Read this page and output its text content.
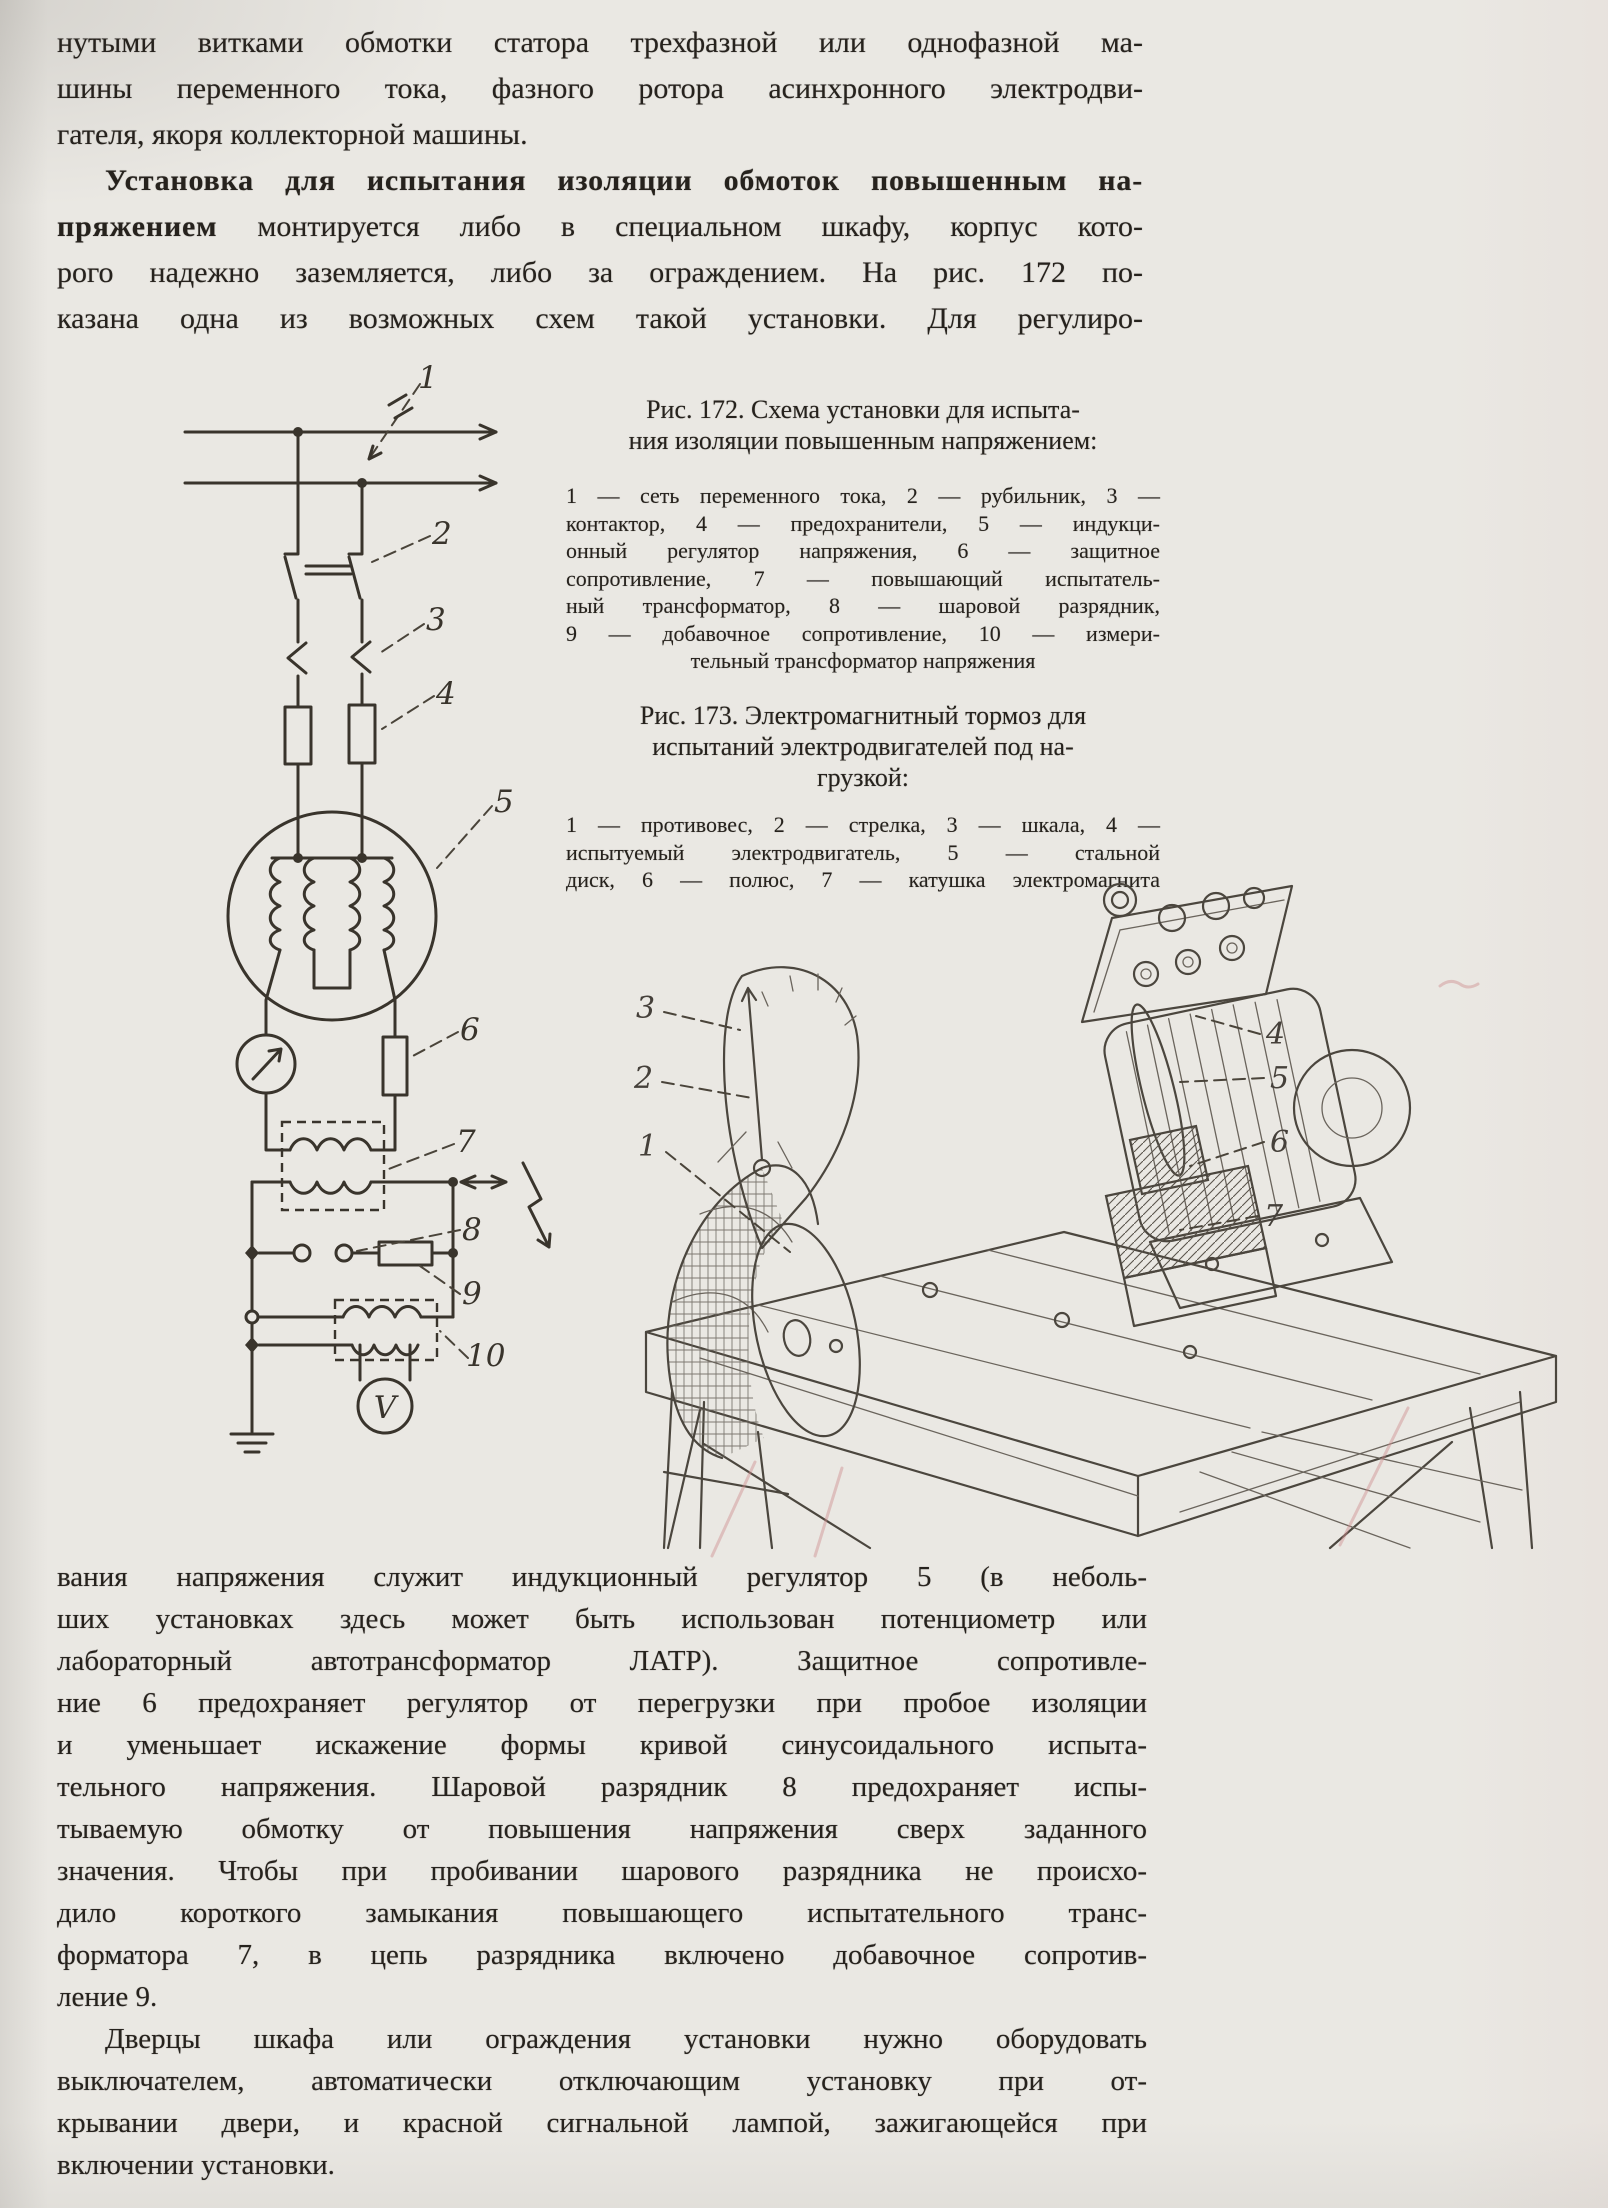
нутыми витками обмотки статора трехфазной или однофазной ма-
шины переменного тока, фазного ротора асинхронного электродви-
гателя, якоря коллекторной машины.
Установка для испытания изоляции обмоток повышенным на-
пряжением монтируется либо в специальном шкафу, корпус кото-
рого надежно заземляется, либо за ограждением. На рис. 172 по-
казана одна из возможных схем такой установки. Для регулиро-
Рис. 172. Схема установки для испыта-
ния изоляции повышенным напряжением:
1 — сеть переменного тока, 2 — рубильник, 3 —
контактор, 4 — предохранители, 5 — индукци-
онный регулятор напряжения, 6 — защитное
сопротивление, 7 — повышающий испытатель-
ный трансформатор, 8 — шаровой разрядник,
9 — добавочное сопротивление, 10 — измери-
тельный трансформатор напряжения
Рис. 173. Электромагнитный тормоз для
испытаний электродвигателей под на-
грузкой:
1 — противовес, 2 — стрелка, 3 — шкала, 4 —
испытуемый электродвигатель, 5 — стальной
диск, 6 — полюс, 7 — катушка электромагнита
V
1
2
3
4
5
6
7
8
9
10
3
2
1
4
5
6
7
вания напряжения служит индукционный регулятор 5 (в неболь-
ших установках здесь может быть использован потенциометр или
лабораторный автотрансформатор ЛАТР). Защитное сопротивле-
ние 6 предохраняет регулятор от перегрузки при пробое изоляции
и уменьшает искажение формы кривой синусоидального испыта-
тельного напряжения. Шаровой разрядник 8 предохраняет испы-
тываемую обмотку от повышения напряжения сверх заданного
значения. Чтобы при пробивании шарового разрядника не происхо-
дило короткого замыкания повышающего испытательного транс-
форматора 7, в цепь разрядника включено добавочное сопротив-
ление 9.
Дверцы шкафа или ограждения установки нужно оборудовать
выключателем, автоматически отключающим установку при от-
крывании двери, и красной сигнальной лампой, зажигающейся при
включении установки.
